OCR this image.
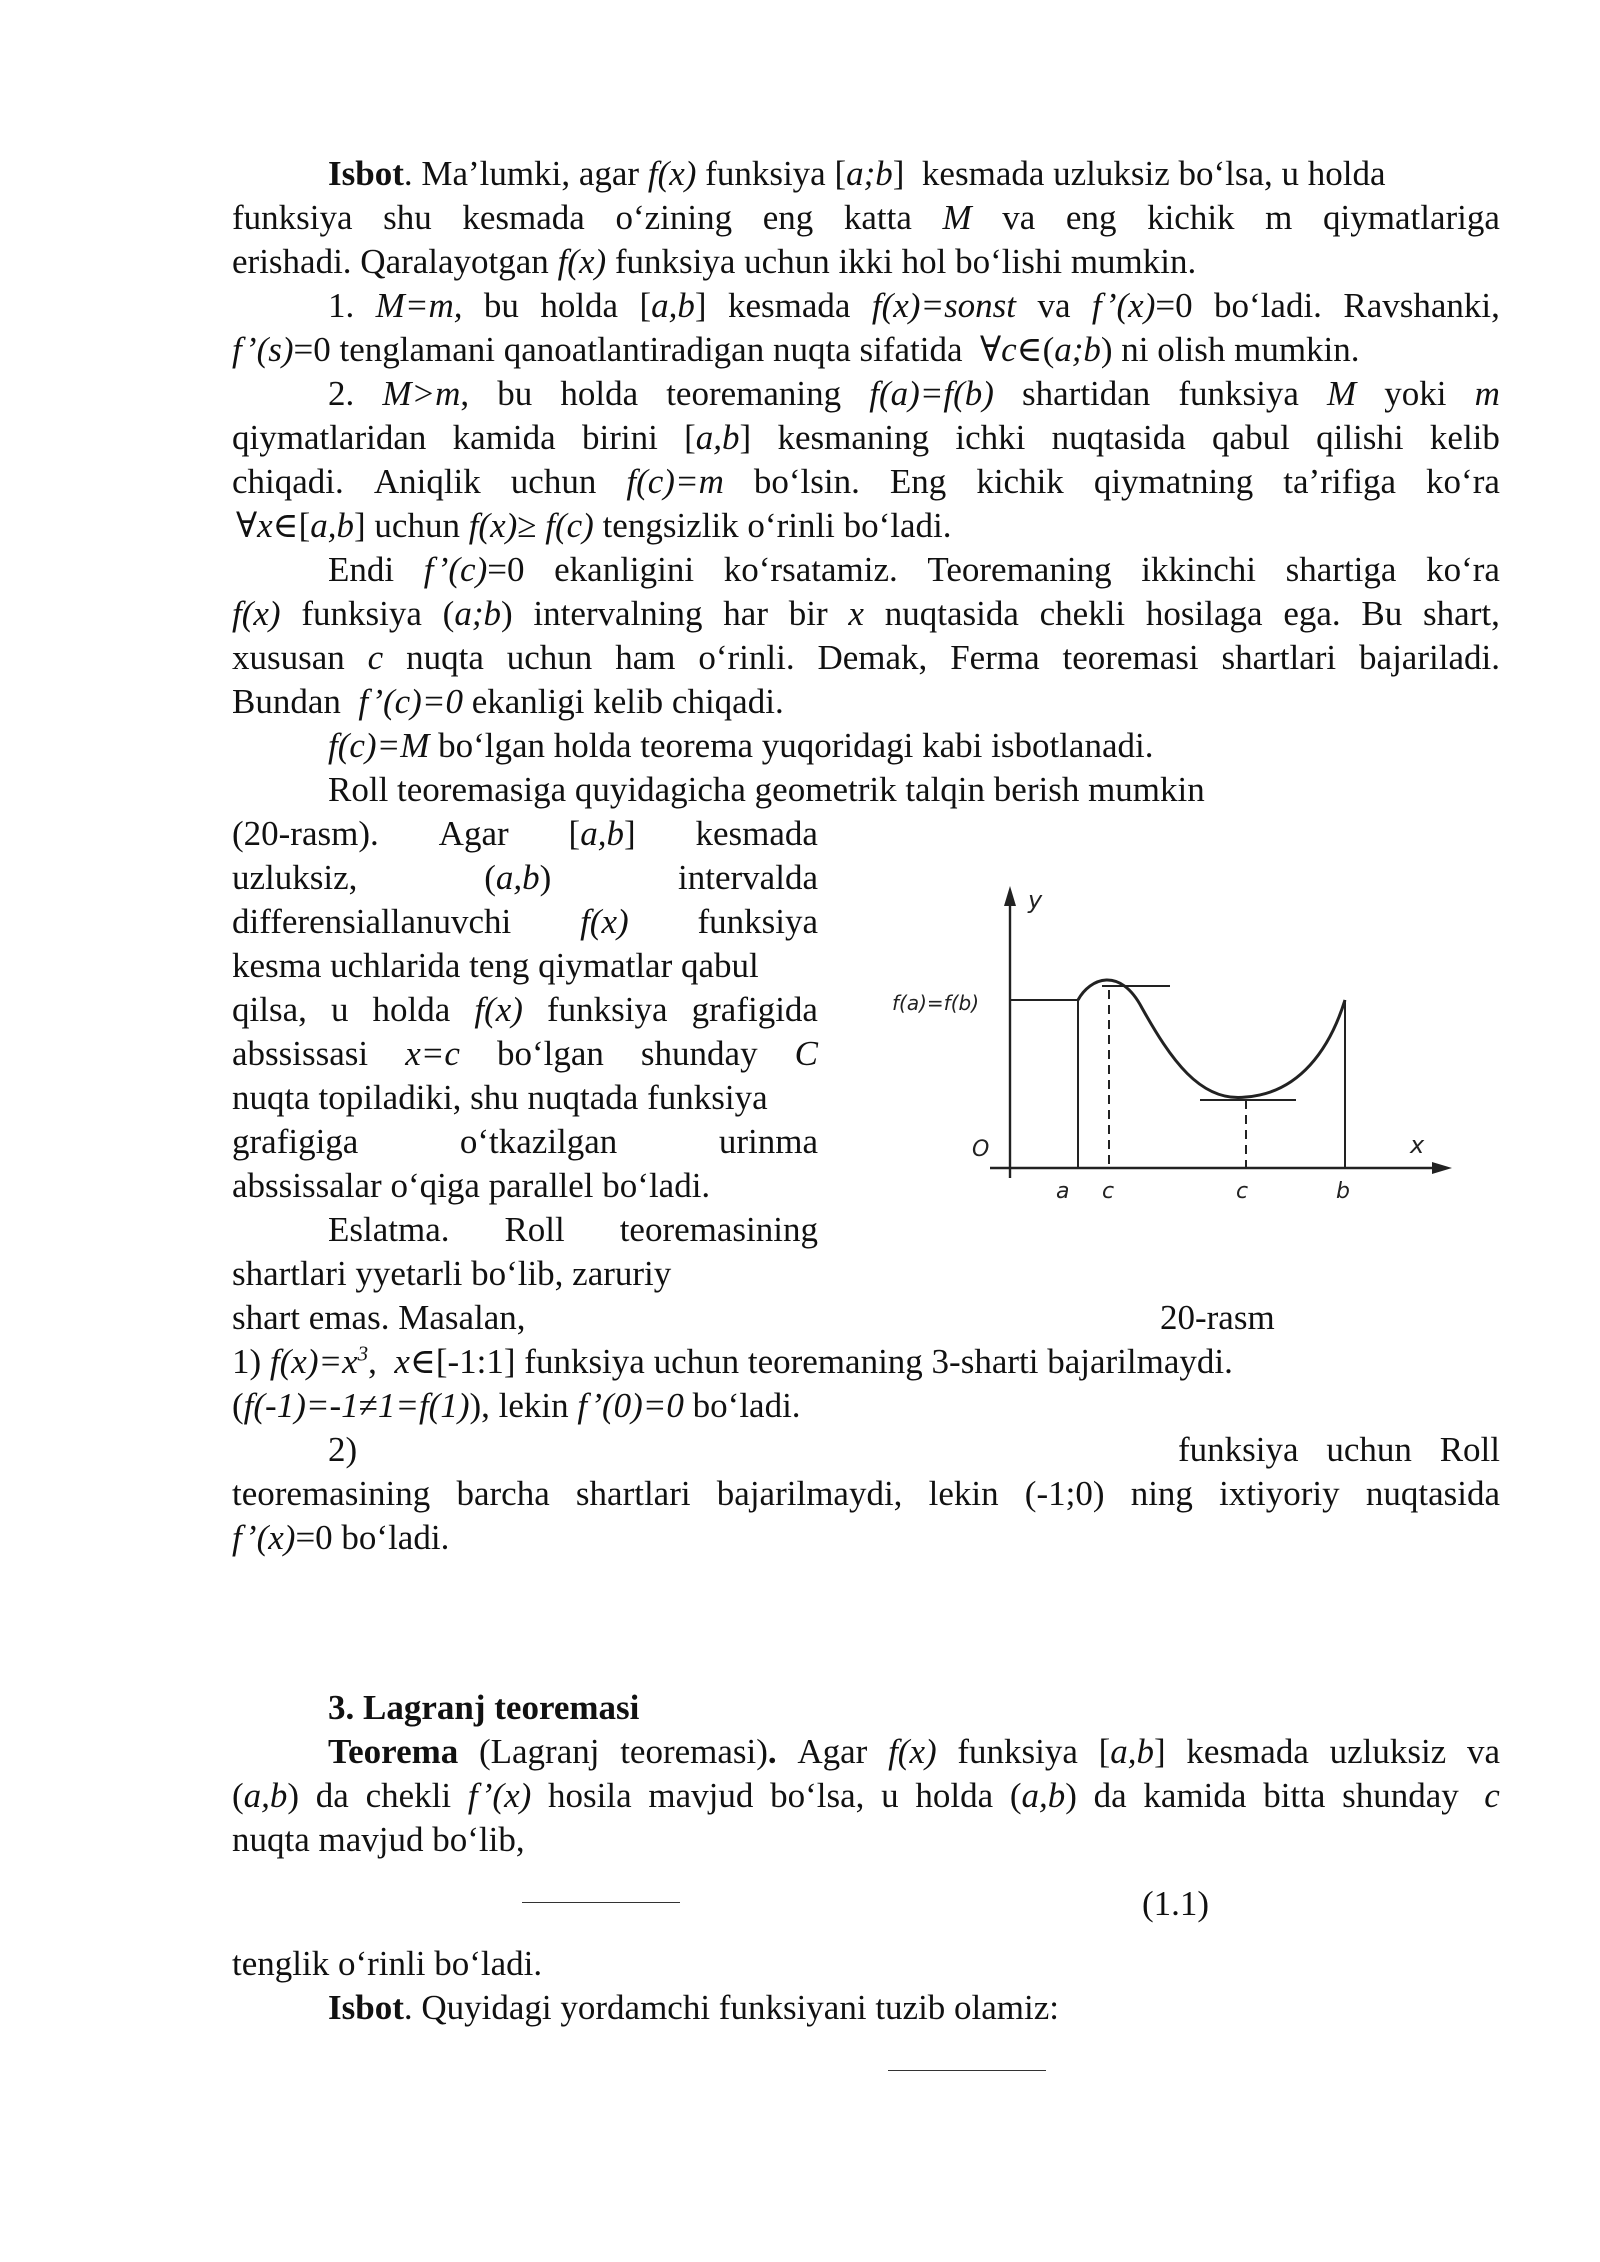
Isbot. Ma’lumki, agar f(x) funksiya [a;b]  kesmada uzluksiz bo‘lsa, u holda
funksiya shu kesmada o‘zining eng katta M va eng kichik m qiymatlariga
erishadi. Qaralayotgan f(x) funksiya uchun ikki hol bo‘lishi mumkin.
1. M=m, bu holda [a,b] kesmada f(x)=sonst va f’(x)=0 bo‘ladi. Ravshanki,
f’(s)=0 tenglamani qanoatlantiradigan nuqta sifatida  ∀c∈(a;b) ni olish mumkin.
2. M>m, bu holda teoremaning f(a)=f(b) shartidan funksiya M yoki m
qiymatlaridan kamida birini [a,b] kesmaning ichki nuqtasida qabul qilishi kelib
chiqadi. Aniqlik uchun f(c)=m bo‘lsin. Eng kichik qiymatning ta’rifiga ko‘ra
∀x∈[a,b] uchun f(x)≥ f(c) tengsizlik o‘rinli bo‘ladi.
Endi f’(c)=0 ekanligini ko‘rsatamiz. Teoremaning ikkinchi shartiga ko‘ra
f(x) funksiya (a;b) intervalning har bir x nuqtasida chekli hosilaga ega. Bu shart,
xususan c nuqta uchun ham o‘rinli. Demak, Ferma teoremasi shartlari bajariladi.
Bundan  f’(c)=0 ekanligi kelib chiqadi.
f(c)=M bo‘lgan holda teorema yuqoridagi kabi isbotlanadi.
Roll teoremasiga quyidagicha geometrik talqin berish mumkin
(20-rasm). Agar [a,b] kesmada
uzluksiz,	(a,b)	intervalda
differensiallanuvchi f(x) funksiya
kesma uchlarida teng qiymatlar qabul
qilsa, u holda f(x) funksiya grafigida
abssissasi x=c bo‘lgan shunday C
nuqta topiladiki, shu nuqtada funksiya
grafigiga	o‘tkazilgan	urinma
abssissalar o‘qiga parallel bo‘ladi.
Eslatma. Roll teoremasining
shartlari yyetarli bo‘lib, zaruriy
shart emas. Masalan,	20-rasm
y
x
O
f(a)=f(b)
a c	c	b
1) $f(x)=x^3$,  x∈[-1:1] funksiya uchun teoremaning 3-sharti bajarilmaydi.
(f(-1)=-1≠1=f(1)), lekin f’(0)=0 bo‘ladi.
2)	funksiya uchun Roll
teoremasining barcha shartlari bajarilmaydi, lekin (-1;0) ning ixtiyoriy nuqtasida
f’(x)=0 bo‘ladi.
3. Lagranj teoremasi
Teorema (Lagranj teoremasi). Agar f(x) funksiya [a,b] kesmada uzluksiz va
(a,b) da chekli f’(x) hosila mavjud bo‘lsa, u holda (a,b) da kamida bitta shunday c
nuqta mavjud bo‘lib,
(1.1)
tenglik o‘rinli bo‘ladi.
Isbot. Quyidagi yordamchi funksiyani tuzib olamiz:
